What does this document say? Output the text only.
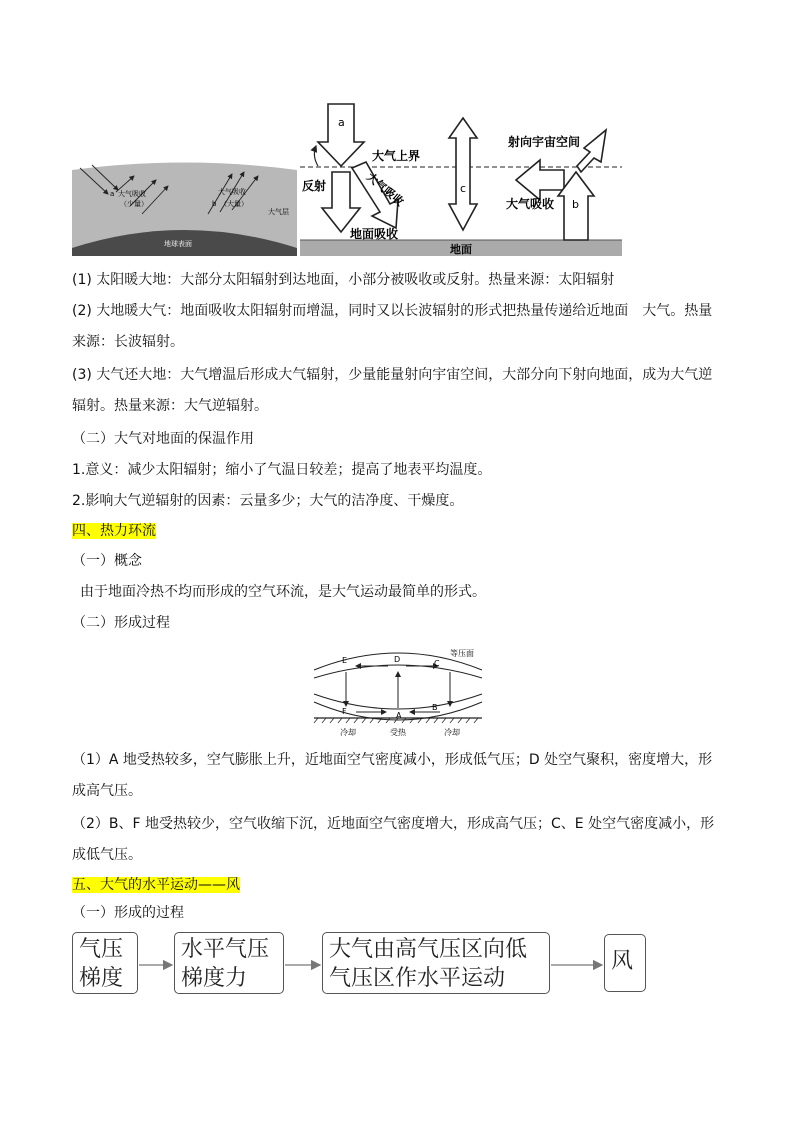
a 大气吸收
（少量）
大气吸收
b （大量）
大气层
地球表面
a
大气上界
反射	大气吸收
地面吸收
c
射向宇宙空间
大气吸收 b
地面

(1) 太阳暖大地：大部分太阳辐射到达地面，小部分被吸收或反射。热量来源：太阳辐射

(2) 大地暖大气：地面吸收太阳辐射而增温，同时又以长波辐射的形式把热量传递给近地面　大气。热量来源：长波辐射。

(3) 大气还大地：大气增温后形成大气辐射，少量能量射向宇宙空间，大部分向下射向地面，成为大气逆辐射。热量来源：大气逆辐射。

（二）大气对地面的保温作用

1.意义：减少太阳辐射；缩小了气温日较差；提高了地表平均温度。

2.影响大气逆辐射的因素：云量多少；大气的洁净度、干燥度。

四、热力环流

（一）概念

由于地面冷热不均而形成的空气环流，是大气运动最简单的形式。

（二）形成过程

等压面
E	D	C
F	A
B
冷却	受热	冷却

（1）A 地受热较多，空气膨胀上升，近地面空气密度减小，形成低气压；D 处空气聚积，密度增大，形成高气压。

（2）B、F 地受热较少，空气收缩下沉，近地面空气密度增大，形成高气压；C、E 处空气密度减小，形成低气压。

五、大气的水平运动——风

（一）形成的过程

气压梯度
水平气压梯度力
大气由高气压区向低气压区作水平运动
风
